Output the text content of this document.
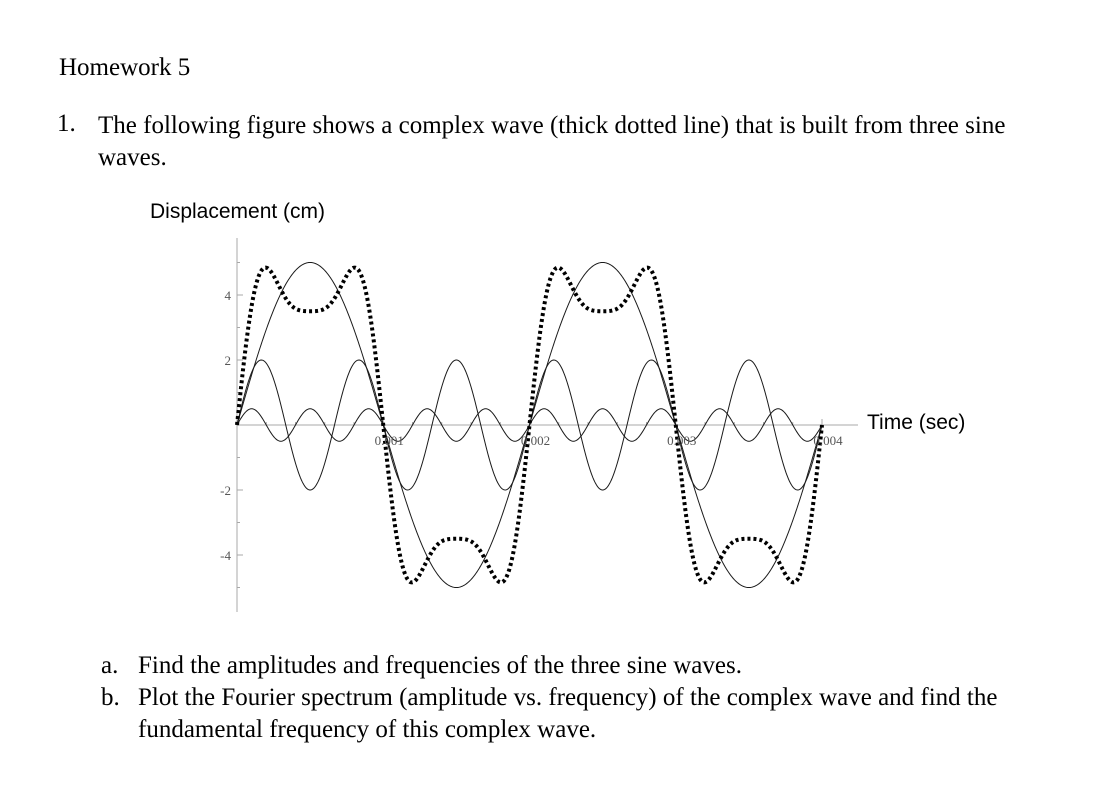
Homework 5
1. The following figure shows a complex wave (thick dotted line) that is built from three sine waves.
Displacement (cm)
Time (sec)
4
2
-2
-4
0.001	0.002	0.003	0.004
a. Find the amplitudes and frequencies of the three sine waves.
b. Plot the Fourier spectrum (amplitude vs. frequency) of the complex wave and find the fundamental frequency of this complex wave.
